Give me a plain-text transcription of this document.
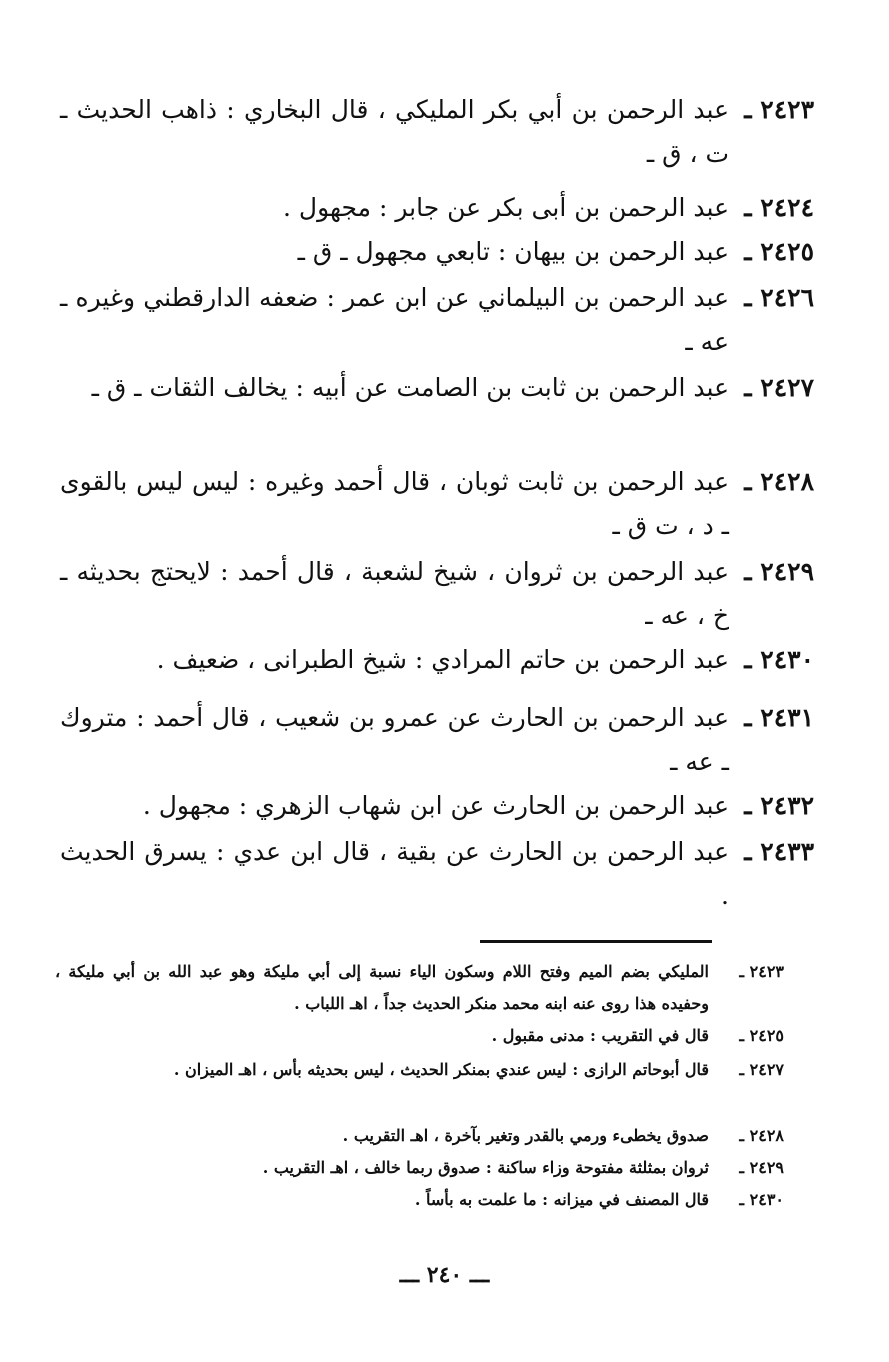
٢٤٢٣ ـ
عبد الرحمن بن أبي بكر المليكي ، قال البخاري : ذاهب الحديث ـ ت ، ق ـ
٢٤٢٤ ـ
عبد الرحمن بن أبى بكر عن جابر : مجهول .
٢٤٢٥ ـ
عبد الرحمن بن بيهان : تابعي مجهول ـ ق ـ
٢٤٢٦ ـ
عبد الرحمن بن البيلماني عن ابن عمر : ضعفه الدارقطني وغيره ـ عه ـ
٢٤٢٧ ـ
عبد الرحمن بن ثابت بن الصامت عن أبيه : يخالف الثقات ـ ق ـ
٢٤٢٨ ـ
عبد الرحمن بن ثابت ثوبان ، قال أحمد وغيره : ليس ليس بالقوى ـ د ، ت ق ـ
٢٤٢٩ ـ
عبد الرحمن بن ثروان ، شيخ لشعبة ، قال أحمد : لايحتج بحديثه ـ خ ، عه ـ
٢٤٣٠ ـ
عبد الرحمن بن حاتم المرادي : شيخ الطبرانى ، ضعيف .
٢٤٣١ ـ
عبد الرحمن بن الحارث عن عمرو بن شعيب ، قال أحمد : متروك ـ عه ـ
٢٤٣٢ ـ
عبد الرحمن بن الحارث عن ابن شهاب الزهري : مجهول .
٢٤٣٣ ـ
عبد الرحمن بن الحارث عن بقية ، قال ابن عدي : يسرق الحديث .
٢٤٢٣ ـ
المليكي بضم الميم وفتح اللام وسكون الياء نسبة إلى أبي مليكة وهو عبد الله بن أبي مليكة ، وحفيده هذا روى عنه ابنه محمد منكر الحديث جداً ، اهـ اللباب .
٢٤٢٥ ـ
قال في التقريب : مدنى مقبول .
٢٤٢٧ ـ
قال أبوحاتم الرازى : ليس عندي بمنكر الحديث ، ليس بحديثه بأس ، اهـ الميزان .
٢٤٢٨ ـ
صدوق يخطىء ورمي بالقدر وتغير بآخرة ، اهـ التقريب .
٢٤٢٩ ـ
ثروان بمثلثة مفتوحة وزاء ساكنة : صدوق ربما خالف ، اهـ التقريب .
٢٤٣٠ ـ
قال المصنف في ميزانه : ما علمت به بأساً .
ـــ ٢٤٠ ـــ
